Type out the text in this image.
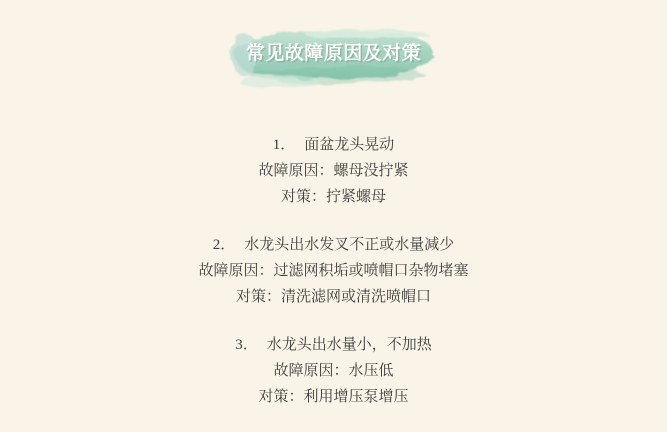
常见故障原因及对策
1． 面盆龙头晃动
故障原因：螺母没拧紧
对策：拧紧螺母
2． 水龙头出水发叉不正或水量减少
故障原因：过滤网积垢或喷帽口杂物堵塞
对策：清洗滤网或清洗喷帽口
3． 水龙头出水量小，不加热
故障原因：水压低
对策：利用增压泵增压
